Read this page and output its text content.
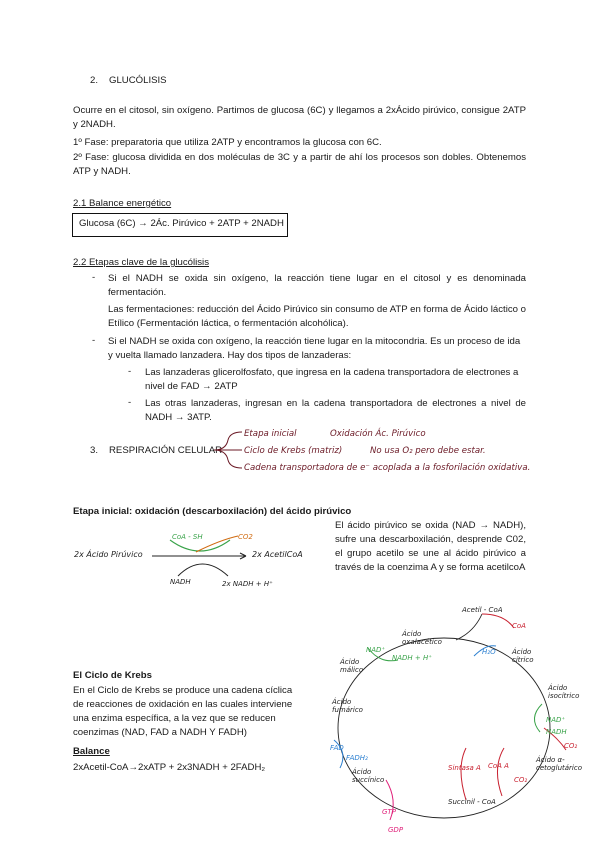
2. GLUCÓLISIS
Ocurre en el citosol, sin oxígeno. Partimos de glucosa (6C) y llegamos a 2xÁcido pirúvico, consigue 2ATP y 2NADH.
1º Fase: preparatoria que utiliza 2ATP y encontramos la glucosa con 6C.
2º Fase: glucosa dividida en dos moléculas de 3C y a partir de ahí los procesos son dobles. Obtenemos ATP y NADH.
2.1 Balance energético
Glucosa (6C) → 2Ác. Pirúvico + 2ATP + 2NADH
2.2 Etapas clave de la glucólisis
- Si el NADH se oxida sin oxígeno, la reacción tiene lugar en el citosol y es denominada fermentación.
Las fermentaciones: reducción del Ácido Pirúvico sin consumo de ATP en forma de Ácido láctico o Etílico (Fermentación láctica, o fermentación alcohólica).
- Si el NADH se oxida con oxígeno, la reacción tiene lugar en la mitocondria. Es un proceso de ida y vuelta llamado lanzadera. Hay dos tipos de lanzaderas:
- Las lanzaderas glicerolfosfato, que ingresa en la cadena transportadora de electrones a nivel de FAD → 2ATP
- Las otras lanzaderas, ingresan en la cadena transportadora de electrones a nivel de NADH → 3ATP.
3. RESPIRACIÓN CELULAR
Etapa inicial	Oxidación Ác. Pirúvico
Ciclo de Krebs (matriz)	No usa O₂ pero debe estar.
Cadena transportadora de e⁻ acoplada a la fosforilación oxidativa.
Etapa inicial: oxidación (descarboxilación) del ácido pirúvico
El ácido pirúvico se oxida (NAD → NADH), sufre una descarboxilación, desprende C02, el grupo acetilo se une al ácido pirúvico a través de la coenzima A y se forma acetilcoA
2x Ácido Pirúvico
CoA - SH	CO2
2x AcetilCoA
NADH	2x NADH + H⁺
El Ciclo de Krebs
En el Ciclo de Krebs se produce una cadena cíclica de reacciones de oxidación en las cuales interviene una enzima específica, a la vez que se reducen coenzimas (NAD, FAD a NADH Y FADH)
Balance
2xAcetil-CoA→2xATP + 2x3NADH + 2FADH₂
Acetil - CoA
CoA
Ácido oxalacético
Ácido cítrico
H₂O
Ácido málico
NAD⁺
NADH + H⁺
Ácido isocítrico
Ácido fumárico
FAD
FADH₂
NAD⁺
NADH
CO₂
Ácido α-cetoglutárico
Ácido succínico
Sintasa A CoA A
CO₂
Succinil - CoA
GTP
GDP
